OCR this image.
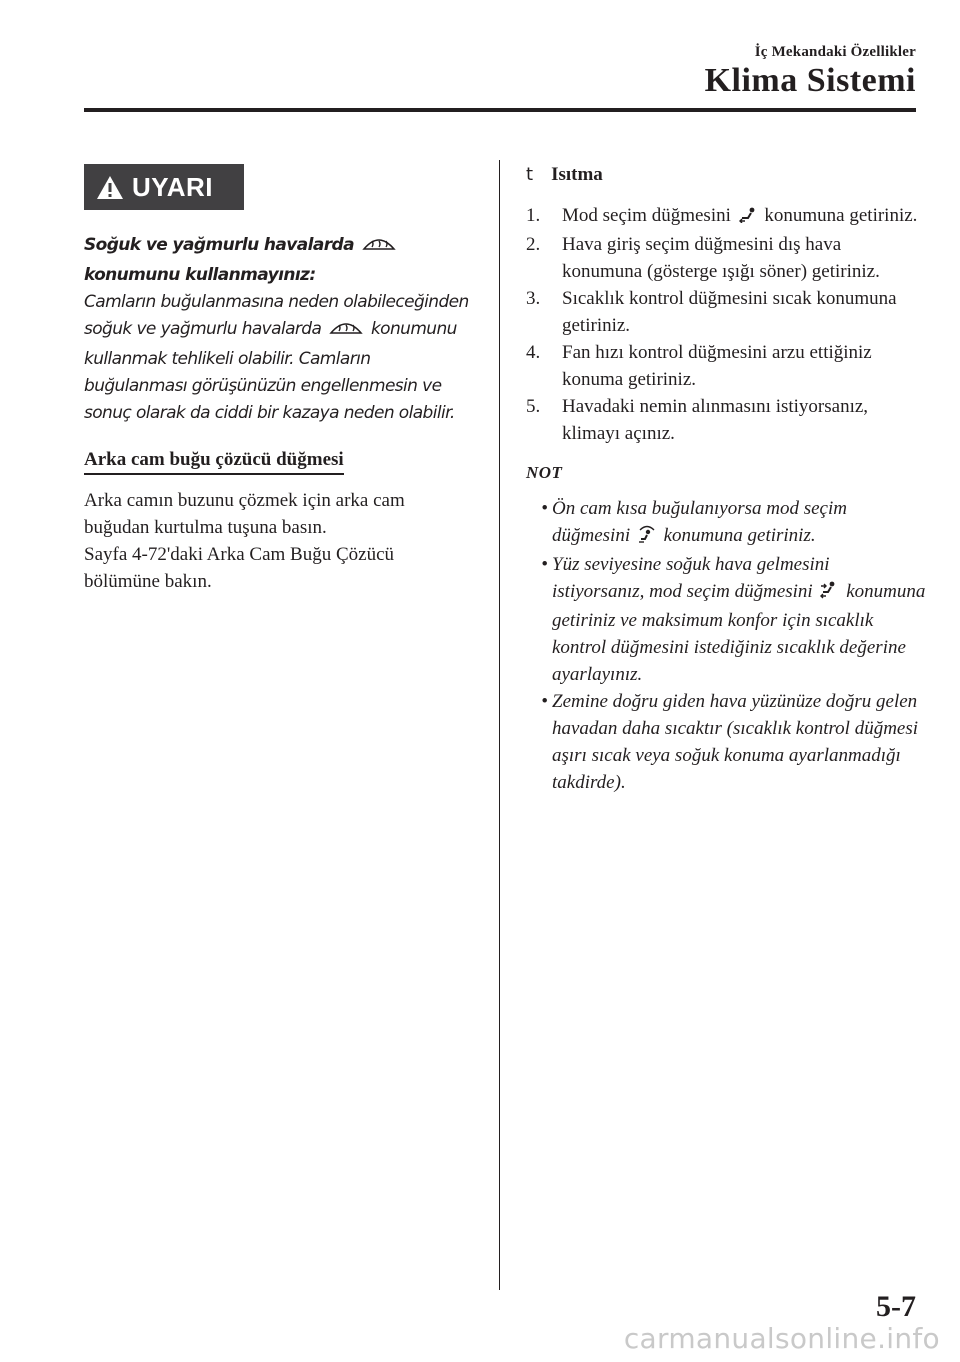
İç Mekandaki Özellikler
Klima Sistemi
UYARI
Soğuk ve yağmurlu havalarda
konumunu kullanmayınız:
Camların buğulanmasına neden olabileceğinden soğuk ve yağmurlu havalarda	konumunu kullanmak tehlikeli olabilir. Camların buğulanması görüşünüzün engellenmesin ve sonuç olarak da ciddi bir kazaya neden olabilir.
Arka cam buğu çözücü düğmesi
Arka camın buzunu çözmek için arka cam buğudan kurtulma tuşuna basın.
Sayfa 4-72'daki Arka Cam Buğu Çözücü bölümüne bakın.
t Isıtma
1.	Mod seçim düğmesini konumuna getiriniz.
2.	Hava giriş seçim düğmesini dış hava konumuna (gösterge ışığı söner) getiriniz.
3.	Sıcaklık kontrol düğmesini sıcak konumuna getiriniz.
4.	Fan hızı kontrol düğmesini arzu ettiğiniz konuma getiriniz.
5.	Havadaki nemin alınmasını istiyorsanız, klimayı açınız.
NOT
• Ön cam kısa buğulanıyorsa mod seçim düğmesini konumuna getiriniz.
• Yüz seviyesine soğuk hava gelmesini istiyorsanız, mod seçim düğmesini konumuna getiriniz ve maksimum konfor için sıcaklık kontrol düğmesini istediğiniz sıcaklık değerine ayarlayınız.
• Zemine doğru giden hava yüzünüze doğru gelen havadan daha sıcaktır (sıcaklık kontrol düğmesi aşırı sıcak veya soğuk konuma ayarlanmadığı takdirde).
5-7
carmanualsonline.info
